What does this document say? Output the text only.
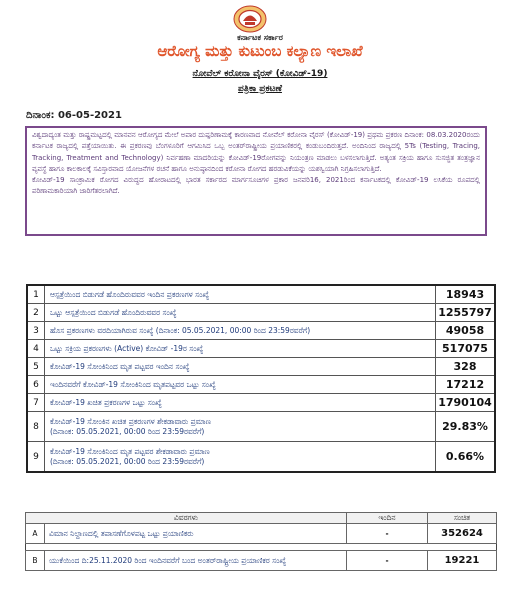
ಕರ್ನಾಟಕ ಸರ್ಕಾರ
ಆರೋಗ್ಯ ಮತ್ತು ಕುಟುಂಬ ಕಲ್ಯಾಣ ಇಲಾಖೆ
ನೋವೆಲ್ ಕರೋನಾ ವೈರಸ್ (ಕೋವಿಡ್-19)
ಪತ್ರಿಕಾ ಪ್ರಕಟಣೆ
ದಿನಾಂಕ: 06-05-2021

ವಿಶ್ವದಾದ್ಯಂತ ಮತ್ತು ರಾಷ್ಟ್ರಮಟ್ಟದಲ್ಲಿ ಮಾನವನ ಆರೋಗ್ಯದ ಮೇಲೆ ಅಪಾರ ದುಷ್ಪರಿಣಾಮಕ್ಕೆ ಕಾರಣವಾದ ನೋವೆಲ್ ಕರೋನಾ ವೈರಸ್ (ಕೋವಿಡ್-19) ಪ್ರಥಮ ಪ್ರಕರಣ ದಿನಾಂಕ: 08.03.2020ರಂದು ಕರ್ನಾಟಕ ರಾಜ್ಯದಲ್ಲಿ ಪತ್ತೆಯಾಯಿತು. ಈ ಪ್ರಕರಣವು ಬೆಂಗಳೂರಿಗೆ ಆಗಮಿಸಿದ ಒಬ್ಬ ಅಂತರ್‌ರಾಷ್ಟ್ರೀಯ ಪ್ರಯಾಣಿಕರಲ್ಲಿ ಕಂಡುಬಂದಿರುತ್ತದೆ. ಅಂದಿನಿಂದ ರಾಜ್ಯದಲ್ಲಿ 5Ts (Testing, Tracing, Tracking, Treatment and Technology) ನಿರ್ವಹಣಾ ಮಾದರಿಯನ್ನು ಕೋವಿಡ್-19ರೋಗವನ್ನು ನಿಯಂತ್ರಣ ಮಾಡಲು ಬಳಸಲಾಗುತ್ತಿದೆ. ಅತ್ಯಂತ ಸಕ್ರಿಯ ಹಾಗೂ ಸುಸಜ್ಜಿತ ತಂತ್ರಜ್ಞಾನ ವ್ಯವಸ್ಥೆ ಹಾಗೂ ಕಾಲಕಾಲಕ್ಕೆ ಸವಿಸ್ತಾರವಾದ ಯೋಜನೆಗಳ ರಚನೆ ಹಾಗೂ ಅನುಷ್ಠಾನದಿಂದ ಕರೋನಾ ರೋಗದ ಹರಡುವಿಕೆಯನ್ನು ಯಶಸ್ವಿಯಾಗಿ ನಿಗ್ರಹಿಸಲಾಗುತ್ತಿದೆ.

ಕೋವಿಡ್-19 ಸಾಂಕ್ರಾಮಿಕ ರೋಗದ ವಿರುದ್ಧದ ಹೋರಾಟದಲ್ಲಿ ಭಾರತ ಸರ್ಕಾರದ ಮಾರ್ಗಸೂಚಿಗಳ ಪ್ರಕಾರ ಜನವರಿ16, 2021ರಿಂದ ಕರ್ನಾಟಕದಲ್ಲಿ ಕೋವಿಡ್-19 ಲಸಿಕೆಯ ರೂಪದಲ್ಲಿ ಪರಿಣಾಮಕಾರಿಯಾಗಿ ಜಾರಿಗೆತರಲಾಗಿದೆ.

1	ಆಸ್ಪತ್ರೆಯಿಂದ ಬಿಡುಗಡೆ ಹೊಂದಿರುವವರ ಇಂದಿನ ಪ್ರಕರಣಗಳ ಸಂಖ್ಯೆ	18943
2	ಒಟ್ಟು ಆಸ್ಪತ್ರೆಯಿಂದ ಬಿಡುಗಡೆ ಹೊಂದಿರುವವರ ಸಂಖ್ಯೆ	1255797
3	ಹೊಸ ಪ್ರಕರಣಗಳು ವರದಿಯಾಗಿರುವ ಸಂಖ್ಯೆ (ದಿನಾಂಕ: 05.05.2021, 00:00 ರಿಂದ 23:59ರವರೆಗೆ)	49058
4	ಒಟ್ಟು ಸಕ್ರಿಯ ಪ್ರಕರಣಗಳು (Active) ಕೋವಿಡ್ -19ರ ಸಂಖ್ಯೆ	517075
5	ಕೋವಿಡ್-19 ಸೋಂಕಿನಿಂದ ಮೃತ ಪಟ್ಟವರ ಇಂದಿನ ಸಂಖ್ಯೆ	328
6	ಇಂದಿನವರೆಗೆ ಕೋವಿಡ್-19 ಸೋಂಕಿನಿಂದ ಮೃತಪಟ್ಟವರ ಒಟ್ಟು ಸಂಖ್ಯೆ	17212
7	ಕೋವಿಡ್-19 ಖಚಿತ ಪ್ರಕರಣಗಳ ಒಟ್ಟು ಸಂಖ್ಯೆ	1790104
8	ಕೋವಿಡ್-19 ಸೋಂಕಿನ ಖಚಿತ ಪ್ರಕರಣಗಳ ಶೇಕಡಾವಾರು ಪ್ರಮಾಣ
(ದಿನಾಂಕ: 05.05.2021, 00:00 ರಿಂದ 23:59ರವರೆಗೆ)	29.83%
9	ಕೋವಿಡ್-19 ಸೋಂಕಿನಿಂದ ಮೃತ ಪಟ್ಟವರ ಶೇಕಡಾವಾರು ಪ್ರಮಾಣ
(ದಿನಾಂಕ: 05.05.2021, 00:00 ರಿಂದ 23:59ರವರೆಗೆ)	0.66%
ವಿವರಗಳು		ಇಂದಿನ	ಸಂಚಿತ
A	ವಿಮಾನ ನಿಲ್ದಾಣದಲ್ಲಿ ತಪಾಸಣೆಗೊಳಪಟ್ಟ ಒಟ್ಟು ಪ್ರಯಾಣಿಕರು	-	352624

B	ಯುಕೆಯಿಂದ ದಿ:25.11.2020 ರಿಂದ ಇಂದಿನವರೆಗೆ ಬಂದ ಅಂತರ್‌ರಾಷ್ಟ್ರೀಯ ಪ್ರಯಾಣಿಕರ ಸಂಖ್ಯೆ	-	19221
